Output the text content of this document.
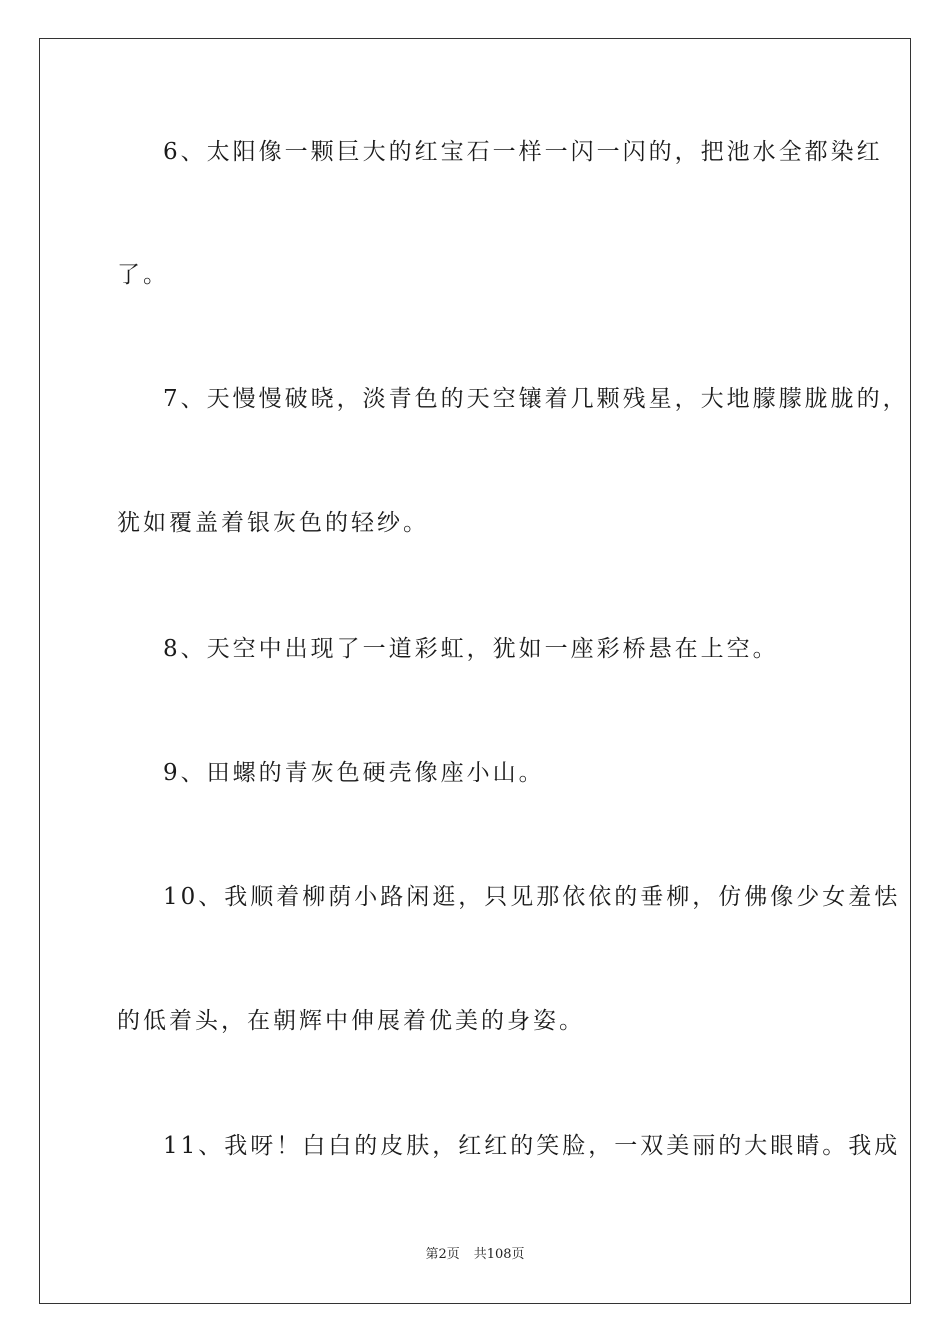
6、太阳像一颗巨大的红宝石一样一闪一闪的，把池水全都染红
了。
7、天慢慢破晓，淡青色的天空镶着几颗残星，大地朦朦胧胧的，
犹如覆盖着银灰色的轻纱。
8、天空中出现了一道彩虹，犹如一座彩桥悬在上空。
9、田螺的青灰色硬壳像座小山。
10、我顺着柳荫小路闲逛，只见那依依的垂柳，仿佛像少女羞怯
的低着头，在朝辉中伸展着优美的身姿。
11、我呀！白白的皮肤，红红的笑脸，一双美丽的大眼睛。我成
第2页 共108页
